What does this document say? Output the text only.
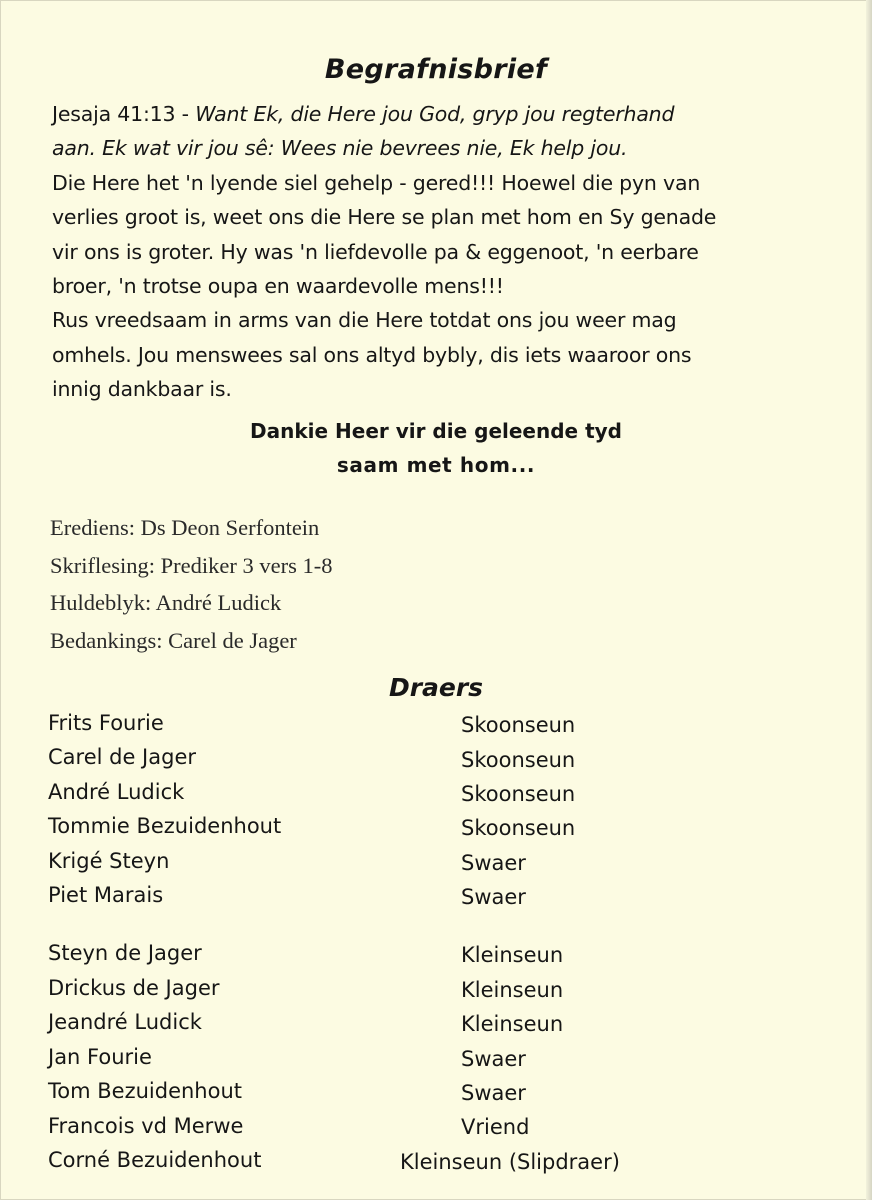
Begrafnisbrief
Jesaja 41:13 - Want Ek, die Here jou God, gryp jou regterhand
aan. Ek wat vir jou sê: Wees nie bevrees nie, Ek help jou.
Die Here het 'n lyende siel gehelp - gered!!! Hoewel die pyn van
verlies groot is, weet ons die Here se plan met hom en Sy genade
vir ons is groter. Hy was 'n liefdevolle pa & eggenoot, 'n eerbare
broer, 'n trotse oupa en waardevolle mens!!!
Rus vreedsaam in arms van die Here totdat ons jou weer mag
omhels. Jou menswees sal ons altyd bybly, dis iets waaroor ons
innig dankbaar is.
Dankie Heer vir die geleende tyd
saam met hom...
Erediens: Ds Deon Serfontein
Skriflesing: Prediker 3 vers 1-8
Huldeblyk: André Ludick
Bedankings: Carel de Jager
Draers
Frits Fourie	Skoonseun
Carel de Jager	Skoonseun
André Ludick	Skoonseun
Tommie Bezuidenhout	Skoonseun
Krigé Steyn	Swaer
Piet Marais	Swaer
Steyn de Jager	Kleinseun
Drickus de Jager	Kleinseun
Jeandré Ludick	Kleinseun
Jan Fourie	Swaer
Tom Bezuidenhout	Swaer
Francois vd Merwe	Vriend
Corné Bezuidenhout	Kleinseun (Slipdraer)
